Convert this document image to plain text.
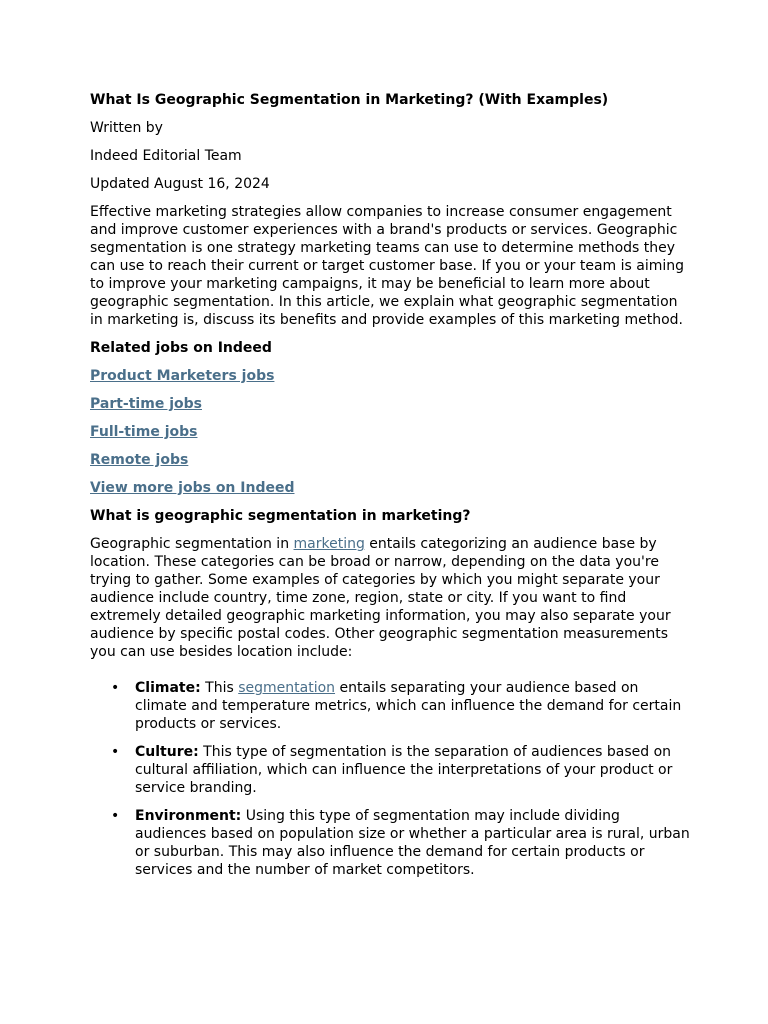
What Is Geographic Segmentation in Marketing? (With Examples)

Written by

Indeed Editorial Team

Updated August 16, 2024

Effective marketing strategies allow companies to increase consumer engagement and improve customer experiences with a brand's products or services. Geographic segmentation is one strategy marketing teams can use to determine methods they can use to reach their current or target customer base. If you or your team is aiming to improve your marketing campaigns, it may be beneficial to learn more about geographic segmentation. In this article, we explain what geographic segmentation in marketing is, discuss its benefits and provide examples of this marketing method.

Related jobs on Indeed

Product Marketers jobs

Part-time jobs

Full-time jobs

Remote jobs

View more jobs on Indeed

What is geographic segmentation in marketing?

Geographic segmentation in marketing entails categorizing an audience base by location. These categories can be broad or narrow, depending on the data you're trying to gather. Some examples of categories by which you might separate your audience include country, time zone, region, state or city. If you want to find extremely detailed geographic marketing information, you may also separate your audience by specific postal codes. Other geographic segmentation measurements you can use besides location include:

• Climate: This segmentation entails separating your audience based on climate and temperature metrics, which can influence the demand for certain products or services.
• Culture: This type of segmentation is the separation of audiences based on cultural affiliation, which can influence the interpretations of your product or service branding.
• Environment: Using this type of segmentation may include dividing audiences based on population size or whether a particular area is rural, urban or suburban. This may also influence the demand for certain products or services and the number of market competitors.
